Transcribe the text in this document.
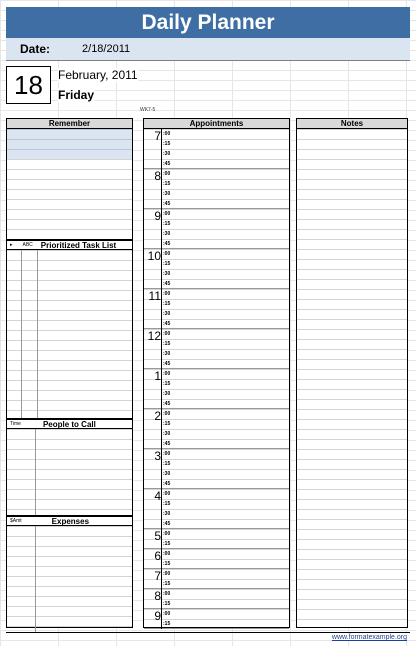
Daily Planner
Date:	2/18/2011
18	February, 2011
Friday
WK7-5
Remember
▸ ABC Prioritized Task List
Time	People to Call
$Amt	Expenses
Appointments
7 :00
:15
:30
:45
8 :00
:15
:30
:45
9 :00
:15
:30
:45
10 :00
:15
:30
:45
11 :00
:15
:30
:45
12 :00
:15
:30
:45
1 :00
:15
:30
:45
2 :00
:15
:30
:45
3 :00
:15
:30
:45
4 :00
:15
:30
:45
5 :00
:15
6 :00
:15
7 :00
:15
8 :00
:15
9 :00
:15
Notes
www.formatexample.org
